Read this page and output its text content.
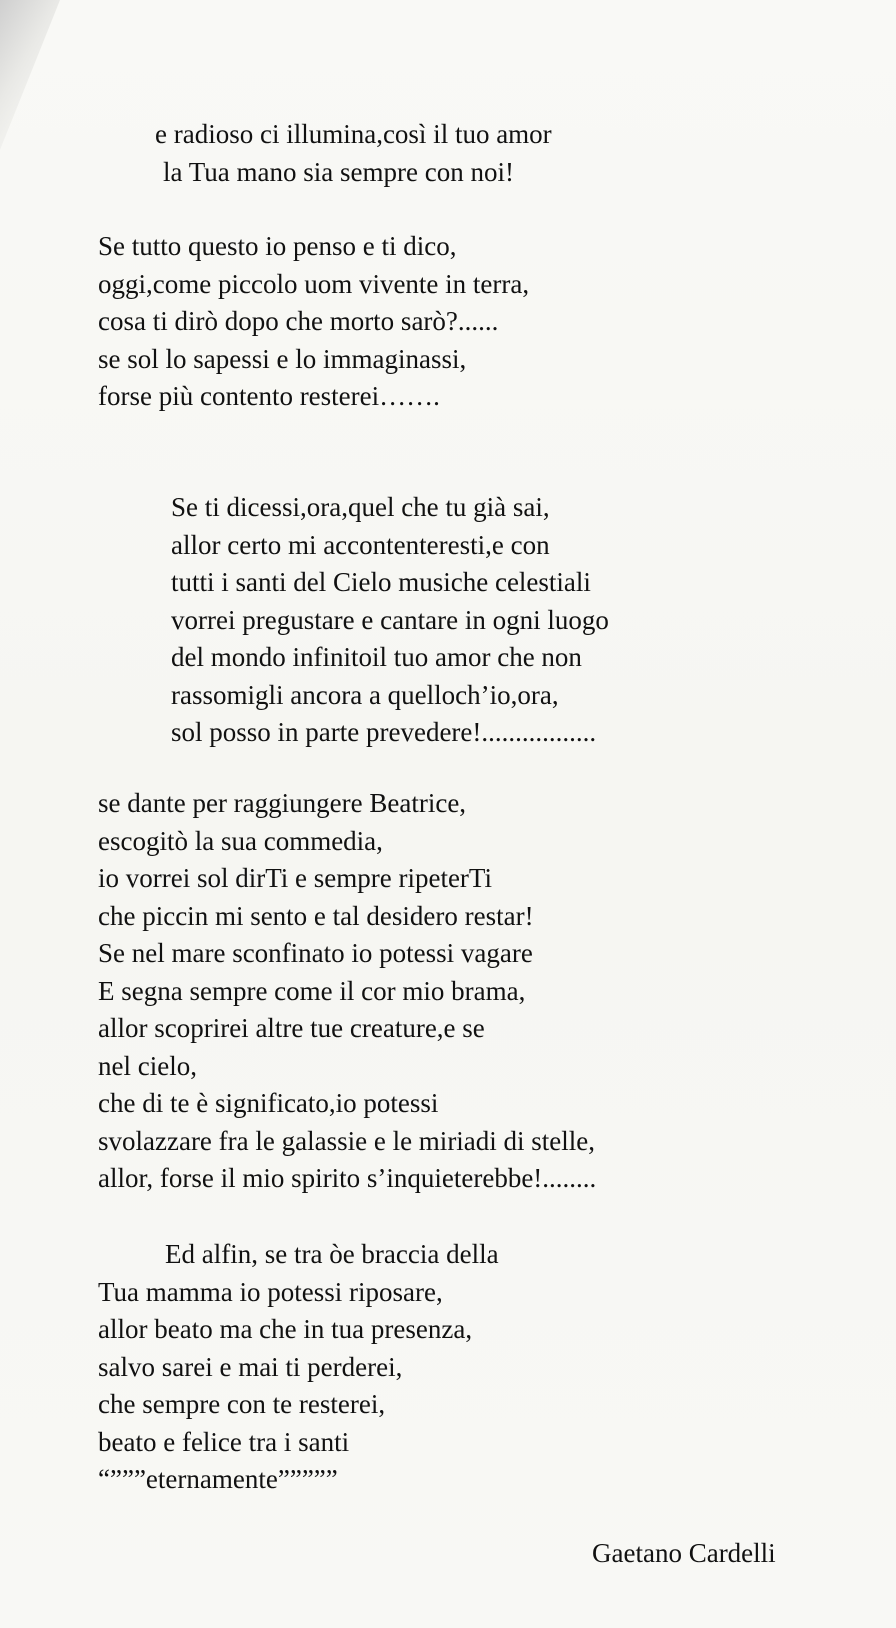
e radioso ci illumina,così il tuo amor
la Tua mano sia sempre con noi!
Se tutto questo io penso e ti dico,
oggi,come piccolo uom vivente in terra,
cosa ti dirò dopo che morto sarò?......
se sol lo sapessi e lo immaginassi,
forse più contento resterei…….
Se ti dicessi,ora,quel che tu già sai,
allor certo mi accontenteresti,e con
tutti i santi del Cielo musiche celestiali
vorrei pregustare e cantare in ogni luogo
del mondo infinitoil tuo amor che non
rassomigli ancora a quelloch’io,ora,
sol posso in parte prevedere!.................
se dante per raggiungere Beatrice,
escogitò la sua commedia,
io vorrei sol dirTi e sempre ripeterTi
che piccin mi sento e tal desidero restar!
Se nel mare sconfinato io potessi vagare
E segna sempre come il cor mio brama,
allor scoprirei altre tue creature,e se
nel cielo,
che di te è significato,io potessi
svolazzare fra le galassie e le miriadi di stelle,
allor, forse il mio spirito s’inquieterebbe!........
Ed alfin, se tra òe braccia della
Tua mamma io potessi riposare,
allor beato ma che in tua presenza,
salvo sarei e mai ti perderei,
che sempre con te resterei,
beato e felice tra i santi
“”””eternamente”””””
Gaetano Cardelli
